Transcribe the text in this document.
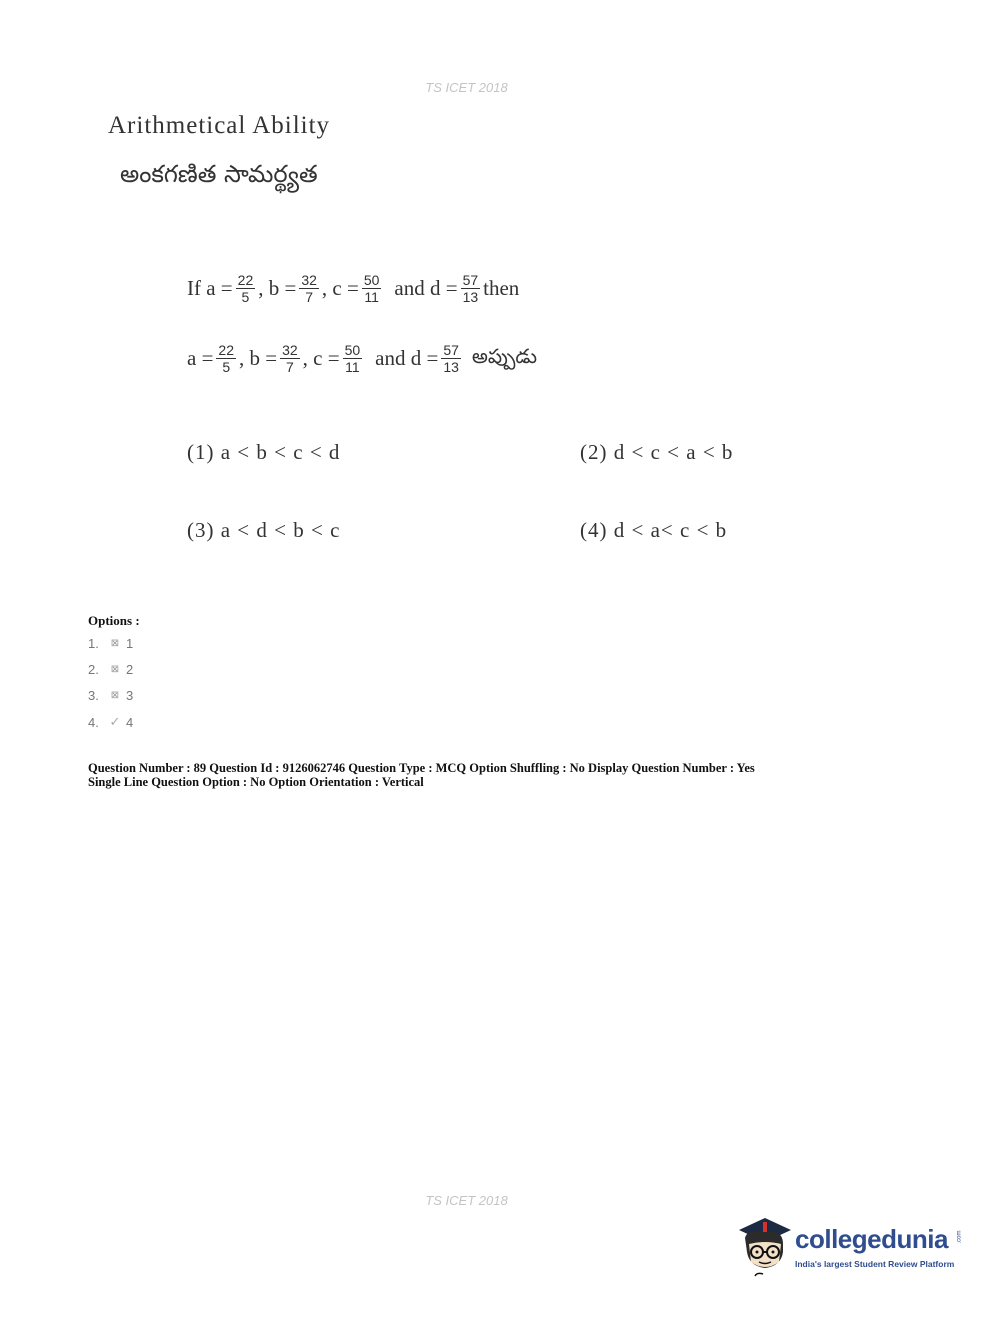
TS ICET 2018
Arithmetical Ability
అంకగణిత సామర్థ్యత
If $a = \frac{22}{5}$ , $b = \frac{32}{7}$ , $c = \frac{50}{11}$ and $d = \frac{57}{13}$ then
$a = \frac{22}{5}$ , $b = \frac{32}{7}$ , $c = \frac{50}{11}$ and $d = \frac{57}{13}$ అప్పుడు
(1) a < b < c < d	(2) d < c < a < b
(3) a < d < b < c	(4) d < a< c < b
Options :
1.	⊠ 1
2.	⊠ 2
3.	⊠ 3
4. ✓ 4
Question Number : 89 Question Id : 9126062746 Question Type : MCQ Option Shuffling : No Display Question Number : Yes
Single Line Question Option : No Option Orientation : Vertical
TS ICET 2018
collegedunia .com
India's largest Student Review Platform
